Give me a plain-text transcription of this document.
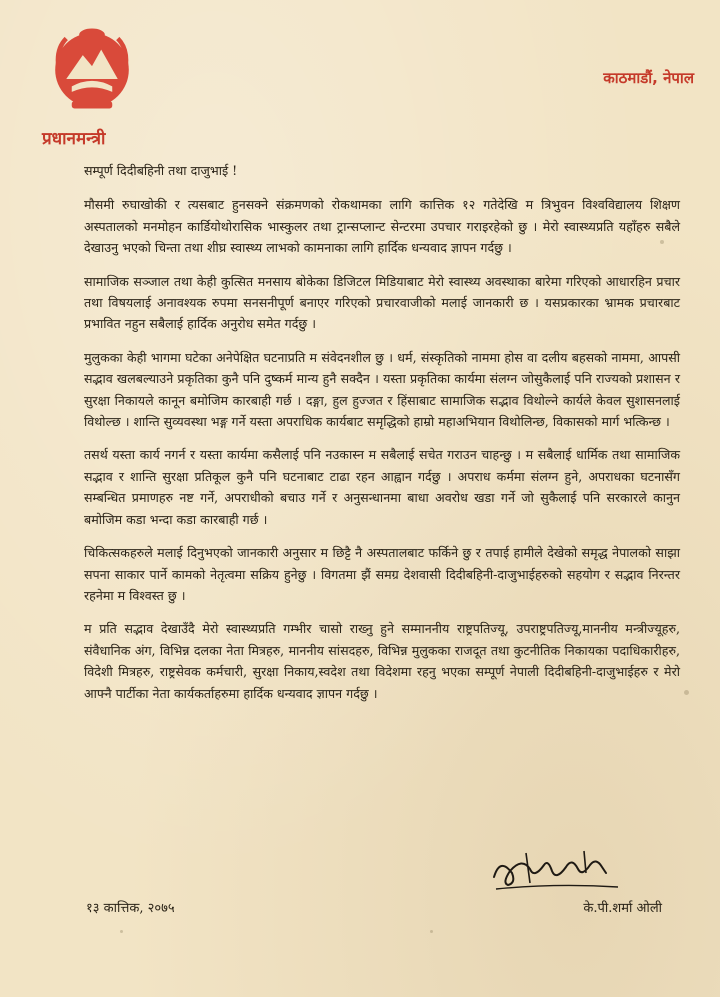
काठमाडौं, नेपाल
प्रधानमन्त्री

सम्पूर्ण दिदीबहिनी तथा दाजुभाई !

मौसमी रुघाखोकी र त्यसबाट हुनसक्ने संक्रमणको रोकथामका लागि कात्तिक १२ गतेदेखि म त्रिभुवन विश्वविद्यालय शिक्षण अस्पतालको मनमोहन कार्डियोथोरासिक भास्कुलर तथा ट्रान्सप्लान्ट सेन्टरमा उपचार गराइरहेको छु । मेरो स्वास्थ्यप्रति यहाँहरु सबैले देखाउनु भएको चिन्ता तथा शीघ्र स्वास्थ्य लाभको कामनाका लागि हार्दिक धन्यवाद ज्ञापन गर्दछु ।

सामाजिक सञ्जाल तथा केही कुत्सित मनसाय बोकेका डिजिटल मिडियाबाट मेरो स्वास्थ्य अवस्थाका बारेमा गरिएको आधारहिन प्रचार तथा विषयलाई अनावश्यक रुपमा सनसनीपूर्ण बनाएर गरिएको प्रचारवाजीको मलाई जानकारी छ । यसप्रकारका भ्रामक प्रचारबाट प्रभावित नहुन सबैलाई हार्दिक अनुरोध समेत गर्दछु ।

मुलुकका केही भागमा घटेका अनेपेक्षित घटनाप्रति म संवेदनशील छु । धर्म, संस्कृतिको नाममा होस वा दलीय बहसको नाममा, आपसी सद्भाव खलबल्याउने प्रकृतिका कुनै पनि दुष्कर्म मान्य हुनै सक्दैन । यस्ता प्रकृतिका कार्यमा संलग्न जोसुकैलाई पनि राज्यको प्रशासन र सुरक्षा निकायले कानून बमोजिम कारबाही गर्छ । दङ्गा, हुल हुज्जत र हिंसाबाट सामाजिक सद्भाव विथोल्ने कार्यले केवल सुशासनलाई विथोल्छ । शान्ति सुव्यवस्था भङ्ग गर्ने यस्ता अपराधिक कार्यबाट समृद्धिको हाम्रो महाअभियान विथोलिन्छ, विकासको मार्ग भत्किन्छ ।

तसर्थ यस्ता कार्य नगर्न र यस्ता कार्यमा कसैलाई पनि नउकास्न म सबैलाई सचेत गराउन चाहन्छु । म सबैलाई धार्मिक तथा सामाजिक सद्भाव र शान्ति सुरक्षा प्रतिकूल कुनै पनि घटनाबाट टाढा रहन आह्वान गर्दछु । अपराध कर्ममा संलग्न हुने, अपराधका घटनासँग सम्बन्धित प्रमाणहरु नष्ट गर्ने, अपराधीको बचाउ गर्ने र अनुसन्धानमा बाधा अवरोध खडा गर्ने जो सुकैलाई पनि सरकारले कानुन बमोजिम कडा भन्दा कडा कारबाही गर्छ ।

चिकित्सकहरुले मलाई दिनुभएको जानकारी अनुसार म छिट्टै नै अस्पतालबाट फर्किने छु र तपाई हामीले देखेको समृद्ध नेपालको साझा सपना साकार पार्ने कामको नेतृत्वमा सक्रिय हुनेछु । विगतमा झैं समग्र देशवासी दिदीबहिनी-दाजुभाईहरुको सहयोग र सद्भाव निरन्तर रहनेमा म विश्वस्त छु ।

म प्रति सद्भाव देखाउँदै मेरो स्वास्थ्यप्रति गम्भीर चासो राख्नु हुने सम्माननीय राष्ट्रपतिज्यू, उपराष्ट्रपतिज्यू,माननीय मन्त्रीज्यूहरु, संवैधानिक अंग, विभिन्न दलका नेता मित्रहरु, माननीय सांसदहरु, विभिन्न मुलुकका राजदूत तथा कुटनीतिक निकायका पदाधिकारीहरु, विदेशी मित्रहरु, राष्ट्रसेवक कर्मचारी, सुरक्षा निकाय,स्वदेश तथा विदेशमा रहनु भएका सम्पूर्ण नेपाली दिदीबहिनी-दाजुभाईहरु र मेरो आफ्नै पार्टीका नेता कार्यकर्ताहरुमा हार्दिक धन्यवाद ज्ञापन गर्दछु ।

१३ कात्तिक, २०७५	के.पी.शर्मा ओली
